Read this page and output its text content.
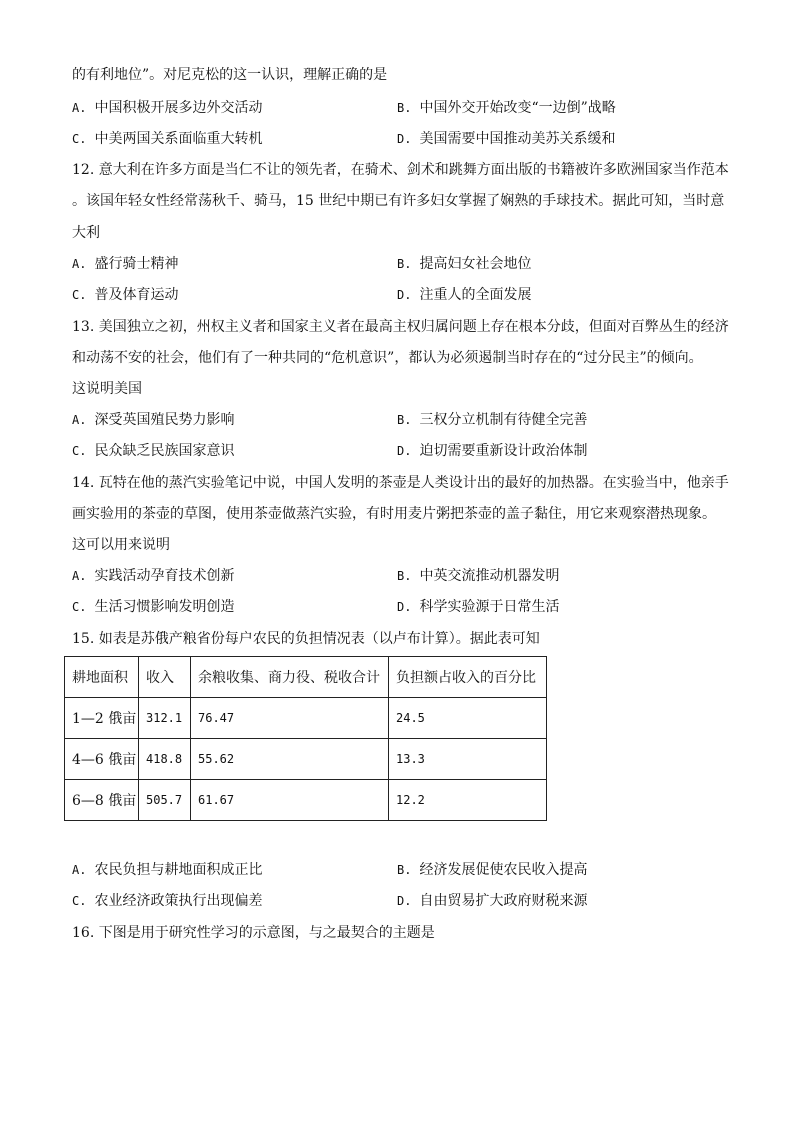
的有利地位”。对尼克松的这一认识，理解正确的是
A. 中国积极开展多边外交活动	B. 中国外交开始改变“一边倒”战略
C. 中美两国关系面临重大转机	D. 美国需要中国推动美苏关系缓和
12. 意大利在许多方面是当仁不让的领先者，在骑术、剑术和跳舞方面出版的书籍被许多欧洲国家当作范本
。该国年轻女性经常荡秋千、骑马，15 世纪中期已有许多妇女掌握了娴熟的手球技术。据此可知，当时意
大利
A. 盛行骑士精神	B. 提高妇女社会地位
C. 普及体育运动	D. 注重人的全面发展
13. 美国独立之初，州权主义者和国家主义者在最高主权归属问题上存在根本分歧，但面对百弊丛生的经济
和动荡不安的社会，他们有了一种共同的“危机意识”，都认为必须遏制当时存在的“过分民主”的倾向。
这说明美国
A. 深受英国殖民势力影响	B. 三权分立机制有待健全完善
C. 民众缺乏民族国家意识	D. 迫切需要重新设计政治体制
14. 瓦特在他的蒸汽实验笔记中说，中国人发明的茶壶是人类设计出的最好的加热器。在实验当中，他亲手
画实验用的茶壶的草图，使用茶壶做蒸汽实验，有时用麦片粥把茶壶的盖子黏住，用它来观察潜热现象。
这可以用来说明
A. 实践活动孕育技术创新	B. 中英交流推动机器发明
C. 生活习惯影响发明创造	D. 科学实验源于日常生活
15. 如表是苏俄产粮省份每户农民的负担情况表（以卢布计算）。据此表可知
耕地面积	收入	余粮收集、商力役、税收合计	负担额占收入的百分比
1—2 俄亩	312.1	76.47	24.5
4—6 俄亩	418.8	55.62	13.3
6—8 俄亩	505.7	61.67	12.2
A. 农民负担与耕地面积成正比	B. 经济发展促使农民收入提高
C. 农业经济政策执行出现偏差	D. 自由贸易扩大政府财税来源
16. 下图是用于研究性学习的示意图，与之最契合的主题是
